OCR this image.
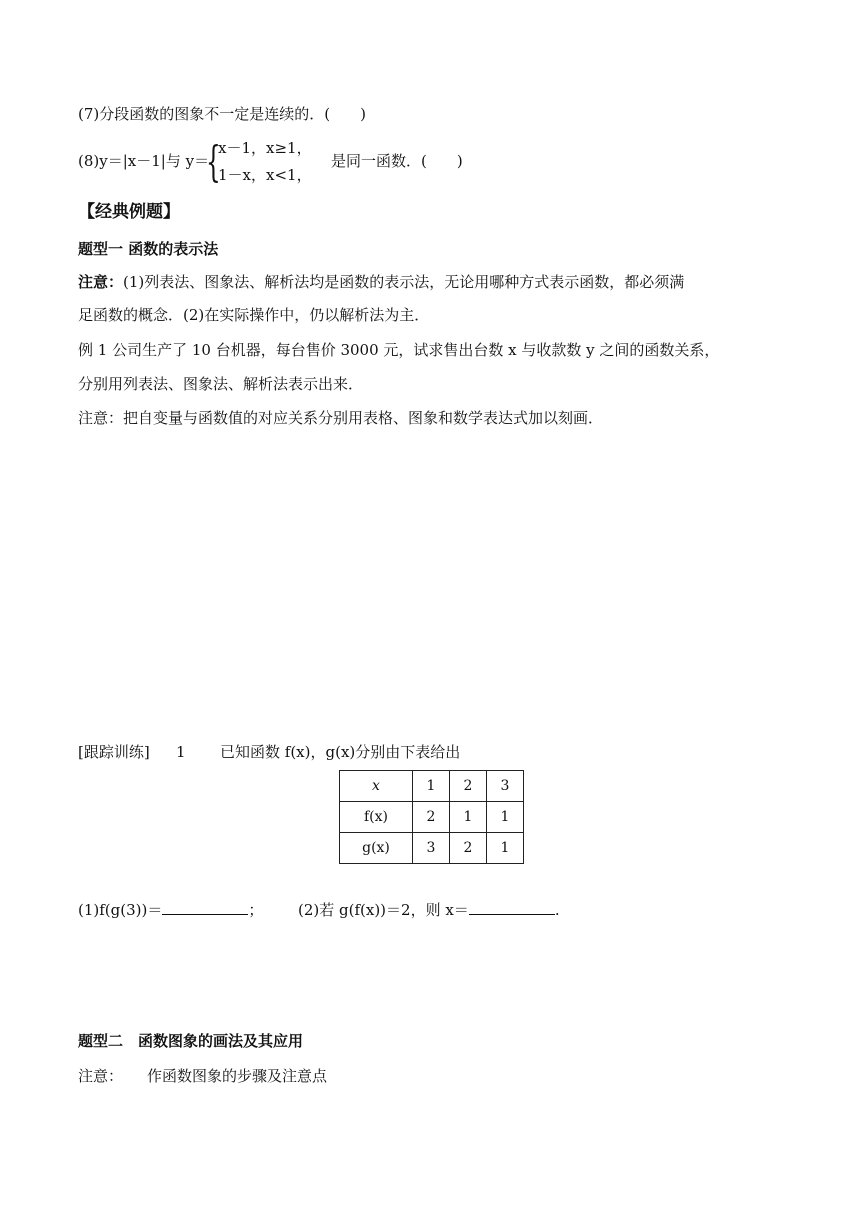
(7)分段函数的图象不一定是连续的．(　　)
(8)y＝|x－1|与 y＝
{
x－1，x≥1，
1－x，x<1，
是同一函数．(　　)
【经典例题】
题型一 函数的表示法
注意：(1)列表法、图象法、解析法均是函数的表示法，无论用哪种方式表示函数，都必须满
足函数的概念．(2)在实际操作中，仍以解析法为主．
例 1 公司生产了 10 台机器，每台售价 3000 元，试求售出台数 x 与收款数 y 之间的函数关系，
分别用列表法、图象法、解析法表示出来．
注意：把自变量与函数值的对应关系分别用表格、图象和数学表达式加以刻画．
[跟踪训练] 1 已知函数 f(x)，g(x)分别由下表给出
x	1	2	3
f(x)	2	1	1
g(x)	3	2	1
(1)f(g(3))＝	； (2)若 g(f(x))＝2，则 x＝	.
题型二　函数图象的画法及其应用
注意： 作函数图象的步骤及注意点
